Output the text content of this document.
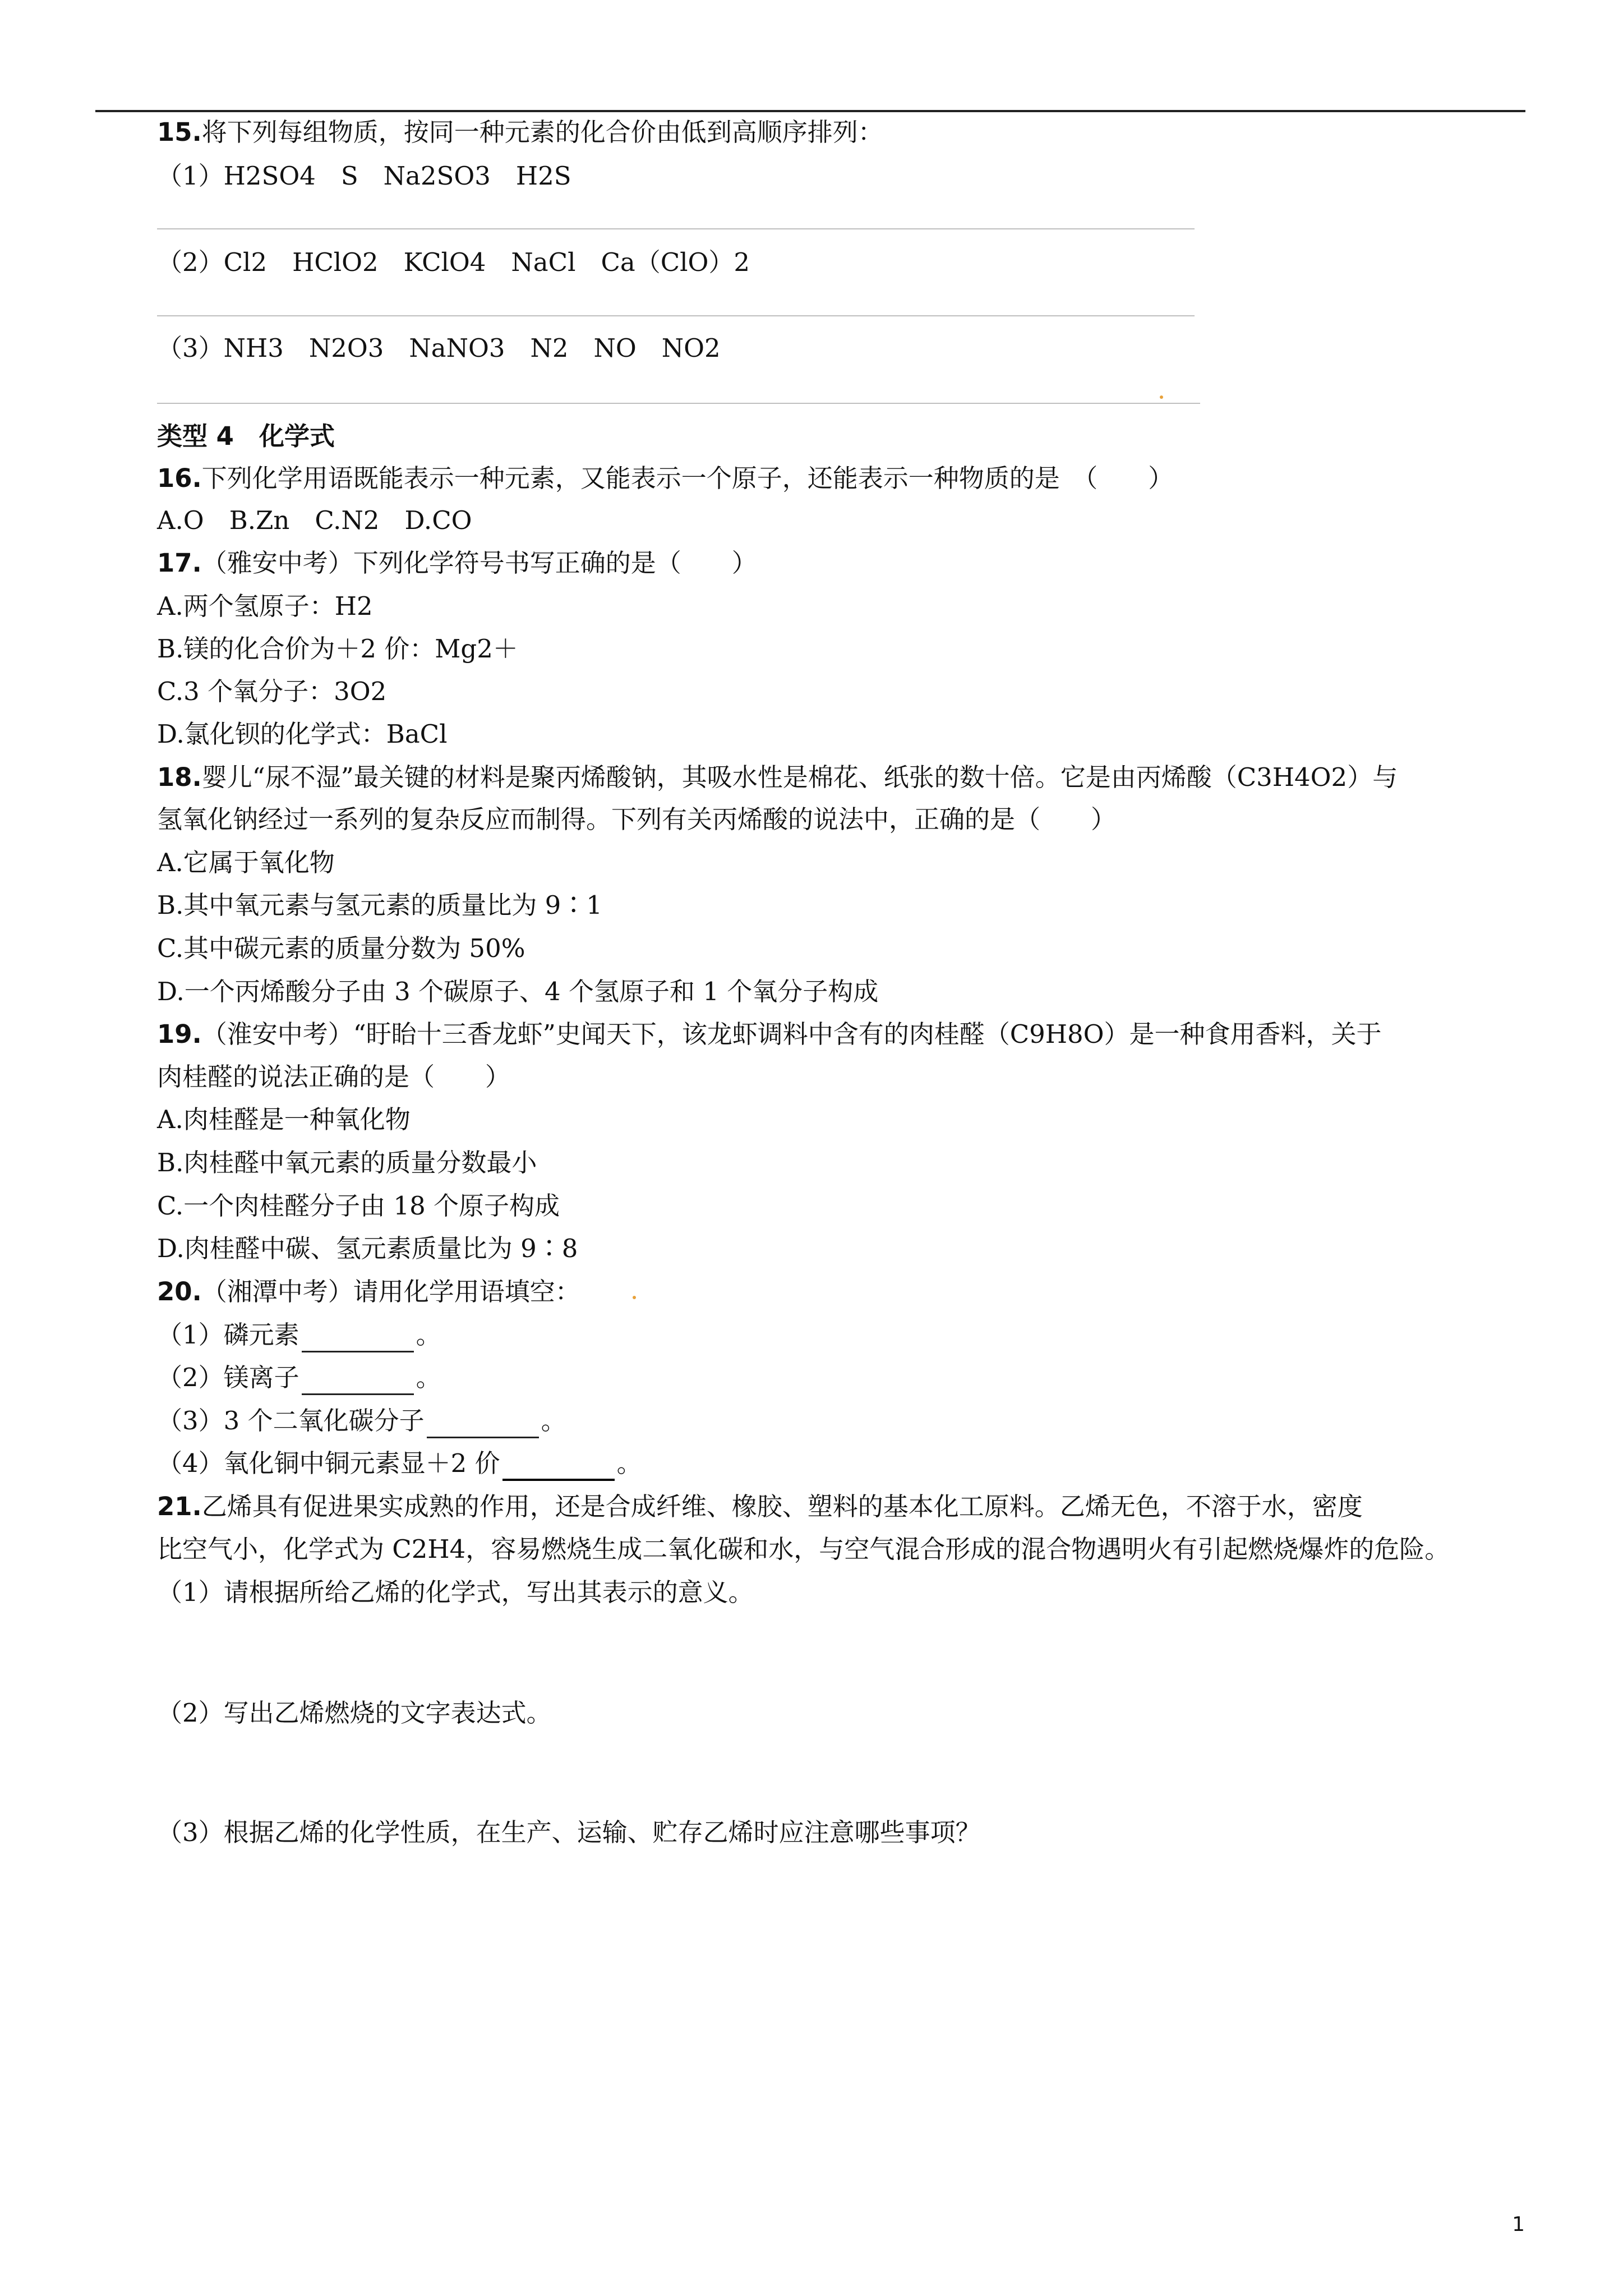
15.将下列每组物质，按同一种元素的化合价由低到高顺序排列：
（1）H2SO4　S　Na2SO3　H2S
（2）Cl2　HClO2　KClO4　NaCl　Ca（ClO）2
（3）NH3　N2O3　NaNO3　N2　NO　NO2
类型 4　化学式
16.下列化学用语既能表示一种元素，又能表示一个原子，还能表示一种物质的是　（　　）
A.O　B.Zn　C.N2　D.CO
17.（雅安中考）下列化学符号书写正确的是（　　）
A.两个氢原子：H2
B.镁的化合价为＋2 价：Mg2＋
C.3 个氧分子：3O2
D.氯化钡的化学式：BaCl
18.婴儿“尿不湿”最关键的材料是聚丙烯酸钠，其吸水性是棉花、纸张的数十倍。它是由丙烯酸（C3H4O2）与
氢氧化钠经过一系列的复杂反应而制得。下列有关丙烯酸的说法中，正确的是（　　）
A.它属于氧化物
B.其中氧元素与氢元素的质量比为 9∶1
C.其中碳元素的质量分数为 50%
D.一个丙烯酸分子由 3 个碳原子、4 个氢原子和 1 个氧分子构成
19.（淮安中考）“盱眙十三香龙虾”史闻天下，该龙虾调料中含有的肉桂醛（C9H8O）是一种食用香料，关于
肉桂醛的说法正确的是（　　）
A.肉桂醛是一种氧化物
B.肉桂醛中氧元素的质量分数最小
C.一个肉桂醛分子由 18 个原子构成
D.肉桂醛中碳、氢元素质量比为 9∶8
20.（湘潭中考）请用化学用语填空：
（1）磷元素	。
（2）镁离子	。
（3）3 个二氧化碳分子	。
（4）氧化铜中铜元素显＋2 价	。
21.乙烯具有促进果实成熟的作用，还是合成纤维、橡胶、塑料的基本化工原料。乙烯无色，不溶于水，密度
比空气小，化学式为 C2H4，容易燃烧生成二氧化碳和水，与空气混合形成的混合物遇明火有引起燃烧爆炸的危险。
（1）请根据所给乙烯的化学式，写出其表示的意义。
（2）写出乙烯燃烧的文字表达式。
（3）根据乙烯的化学性质，在生产、运输、贮存乙烯时应注意哪些事项？
1
